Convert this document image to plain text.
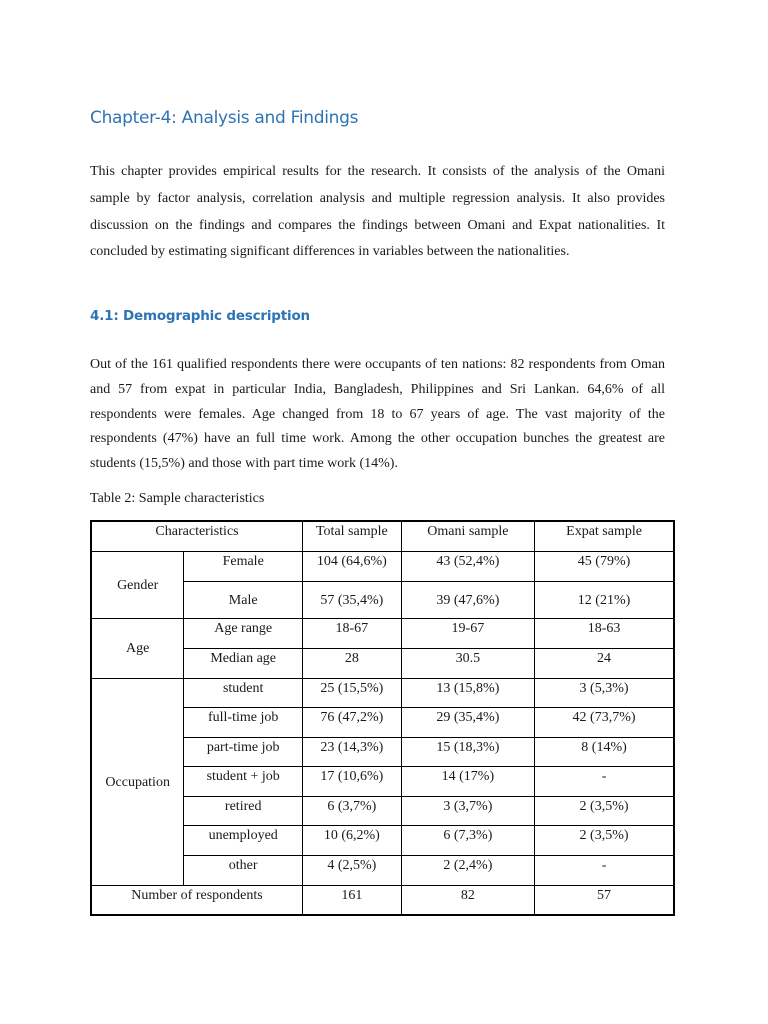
Chapter-4: Analysis and Findings

This chapter provides empirical results for the research. It consists of the analysis of the Omani sample by factor analysis, correlation analysis and multiple regression analysis. It also provides discussion on the findings and compares the findings between Omani and Expat nationalities. It concluded by estimating significant differences in variables between the nationalities.

4.1: Demographic description

Out of the 161 qualified respondents there were occupants of ten nations: 82 respondents from Oman and 57 from expat in particular India, Bangladesh, Philippines and Sri Lankan. 64,6% of all respondents were females. Age changed from 18 to 67 years of age. The vast majority of the respondents (47%) have an full time work. Among the other occupation bunches the greatest are students (15,5%) and those with part time work (14%).

Table 2: Sample characteristics
Characteristics		Total sample	Omani sample	Expat sample
Gender	Female	104 (64,6%)	43 (52,4%)	45 (79%)
	Male	57 (35,4%)	39 (47,6%)	12 (21%)
Age	Age range	18-67	19-67	18-63
	Median age	28	30.5	24
Occupation	student	25 (15,5%)	13 (15,8%)	3 (5,3%)
	full-time job	76 (47,2%)	29 (35,4%)	42 (73,7%)
	part-time job	23 (14,3%)	15 (18,3%)	8 (14%)
	student + job	17 (10,6%)	14 (17%)	-
	retired	6 (3,7%)	3 (3,7%)	2 (3,5%)
	unemployed	10 (6,2%)	6 (7,3%)	2 (3,5%)
	other	4 (2,5%)	2 (2,4%)	-
Number of respondents		161	82	57
